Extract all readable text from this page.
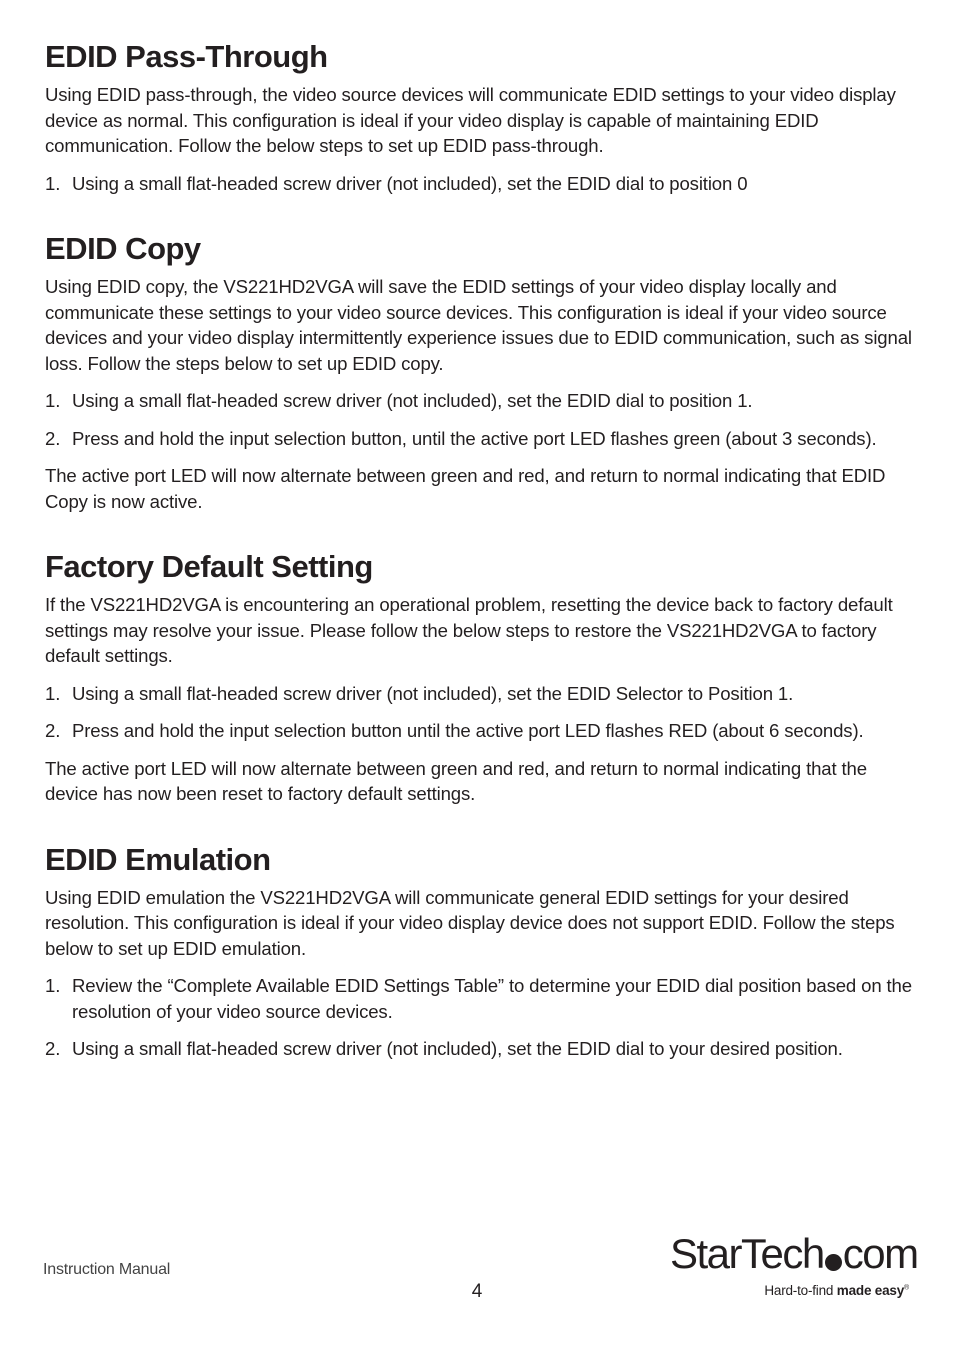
EDID Pass-Through

Using EDID pass-through, the video source devices will communicate EDID settings to your video display device as normal. This configuration is ideal if your video display is capable of maintaining EDID communication. Follow the below steps to set up EDID pass-through.

1. Using a small flat-headed screw driver (not included), set the EDID dial to position 0
EDID Copy

Using EDID copy, the VS221HD2VGA will save the EDID settings of your video display locally and communicate these settings to your video source devices. This configuration is ideal if your video source devices and your video display intermittently experience issues due to EDID communication, such as signal loss. Follow the steps below to set up EDID copy.

1. Using a small flat-headed screw driver (not included), set the EDID dial to position 1.
2. Press and hold the input selection button, until the active port LED flashes green (about 3 seconds).

The active port LED will now alternate between green and red, and return to normal indicating that EDID Copy is now active.

Factory Default Setting

If the VS221HD2VGA is encountering an operational problem, resetting the device back to factory default settings may resolve your issue. Please follow the below steps to restore the VS221HD2VGA to factory default settings.

1. Using a small flat-headed screw driver (not included), set the EDID Selector to Position 1.
2. Press and hold the input selection button until the active port LED flashes RED (about 6 seconds).

The active port LED will now alternate between green and red, and return to normal indicating that the device has now been reset to factory default settings.

EDID Emulation

Using EDID emulation the VS221HD2VGA will communicate general EDID settings for your desired resolution. This configuration is ideal if your video display device does not support EDID. Follow the steps below to set up EDID emulation.

1. Review the “Complete Available EDID Settings Table” to determine your EDID dial position based on the resolution of your video source devices.
2. Using a small flat-headed screw driver (not included), set the EDID dial to your desired position.
Instruction Manual
4
StarTech com
Hard-to-find made easy®
